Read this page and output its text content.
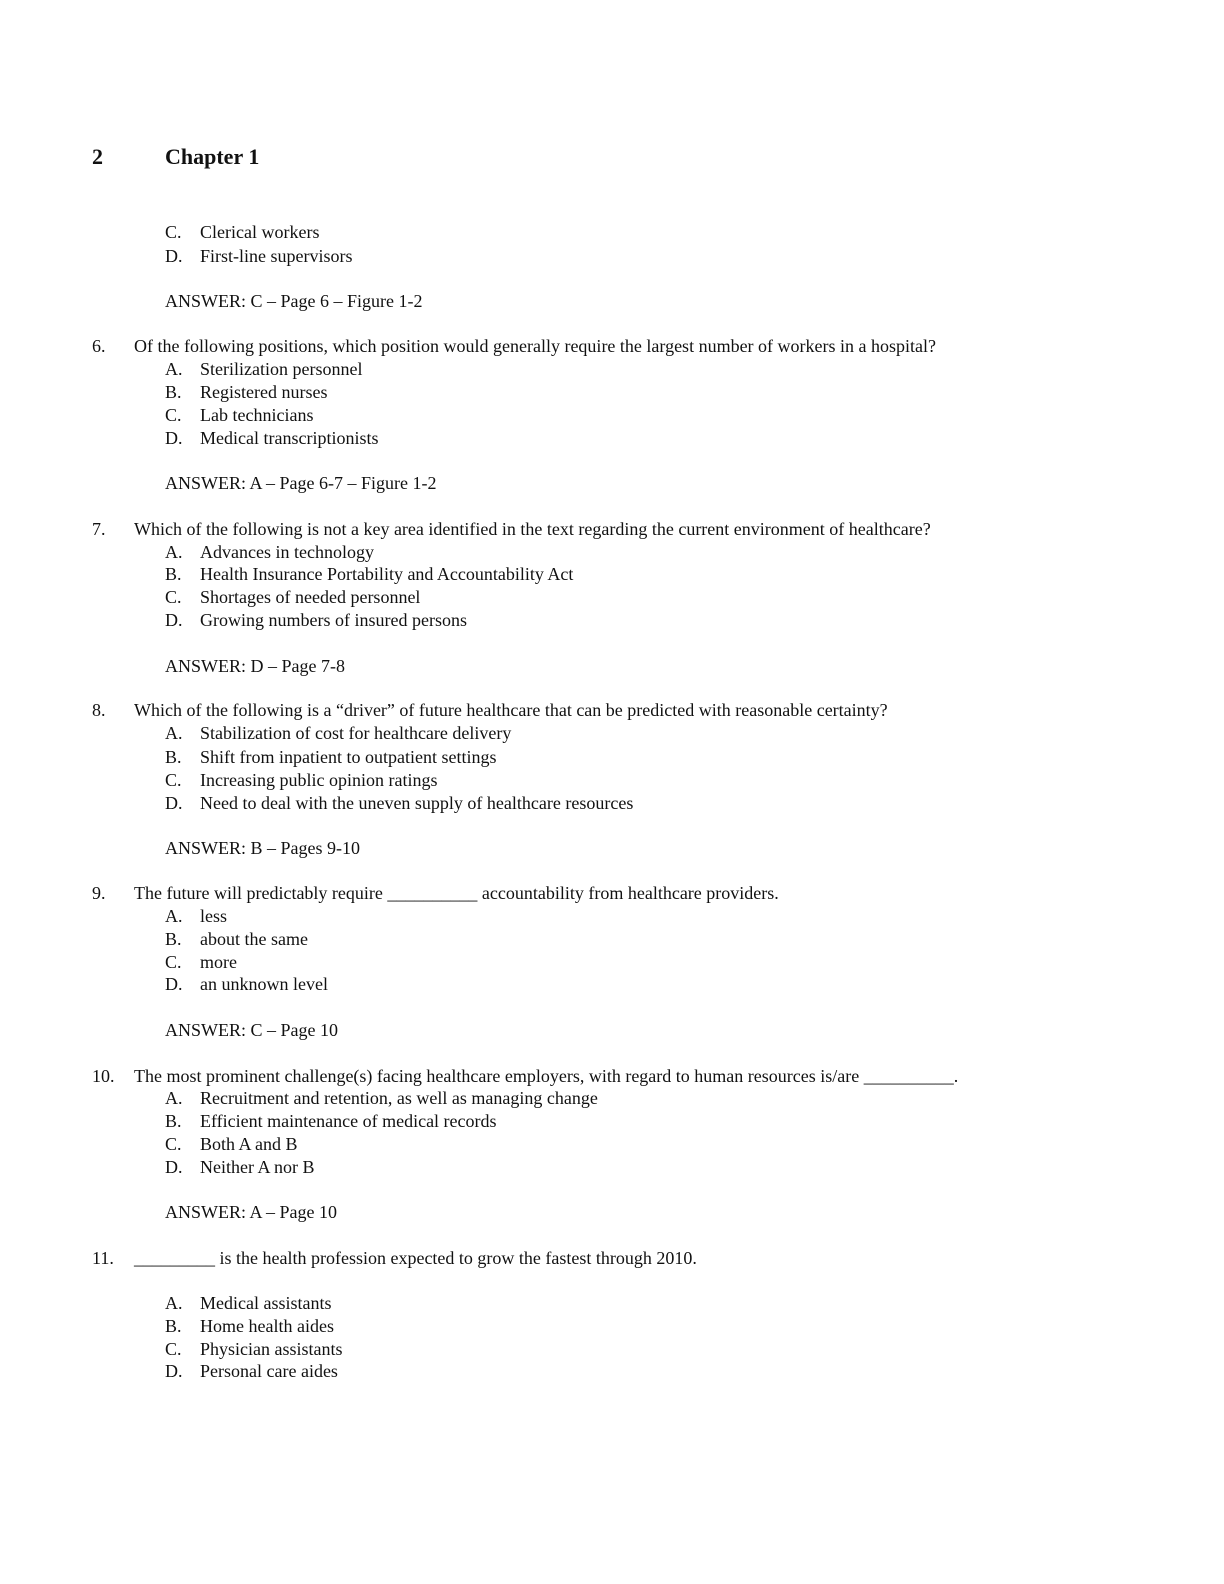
2	Chapter 1
C.	Clerical workers
D. First-line supervisors
ANSWER: C – Page 6 – Figure 1-2
6. Of the following positions, which position would generally require the largest number of workers in a hospital?
A. Sterilization personnel
B.	Registered nurses
C.	Lab technicians
D. Medical transcriptionists
ANSWER: A – Page 6-7 – Figure 1-2
7. Which of the following is not a key area identified in the text regarding the current environment of healthcare?
A. Advances in technology
B.	Health Insurance Portability and Accountability Act
C.	Shortages of needed personnel
D. Growing numbers of insured persons
ANSWER: D – Page 7-8
8. Which of the following is a “driver” of future healthcare that can be predicted with reasonable certainty?
A. Stabilization of cost for healthcare delivery
B.	Shift from inpatient to outpatient settings
C.	Increasing public opinion ratings
D. Need to deal with the uneven supply of healthcare resources
ANSWER: B – Pages 9-10
9. The future will predictably require __________ accountability from healthcare providers.
A. less
B.	about the same
C.	more
D. an unknown level
ANSWER: C – Page 10
10. The most prominent challenge(s) facing healthcare employers, with regard to human resources is/are __________.
A. Recruitment and retention, as well as managing change
B.	Efficient maintenance of medical records
C.	Both A and B
D. Neither A nor B
ANSWER: A – Page 10
11. _________ is the health profession expected to grow the fastest through 2010.
A. Medical assistants
B.	Home health aides
C.	Physician assistants
D. Personal care aides
